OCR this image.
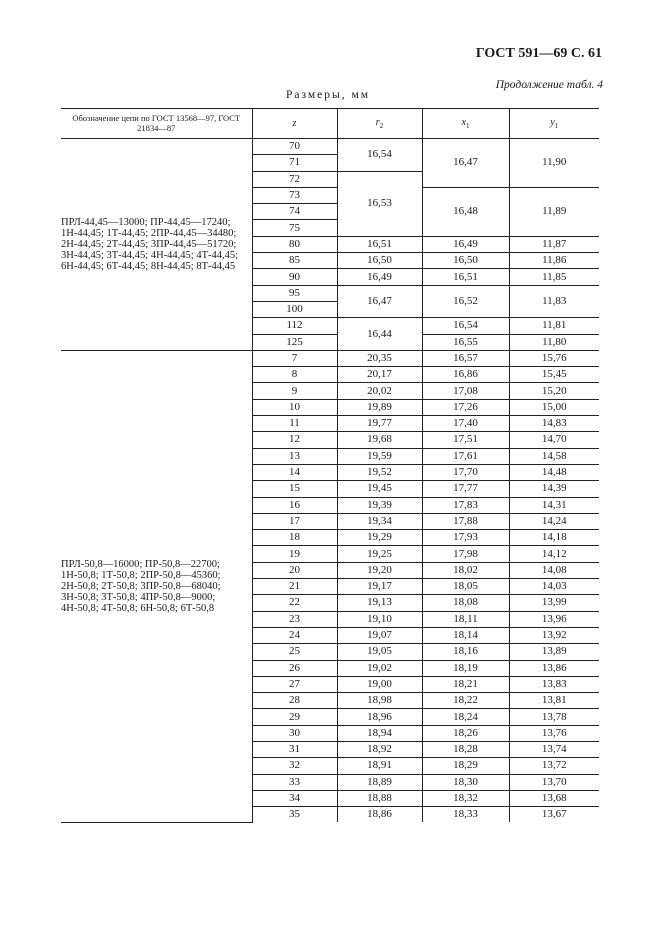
ГОСТ 591—69 С. 61
Продолжение табл. 4
Размеры, мм
Обозначение цепи по ГОСТ 13568—97, ГОСТ 21834—87	z	$r_2$	$x_1$	$y_1$
ПРЛ-44,45—13000; ПР-44,45—17240; 1Н-44,45; 1Т-44,45; 2ПР-44,45—34480; 2Н-44,45; 2Т-44,45; 3ПР-44,45—51720; 3Н-44,45; 3Т-44,45; 4Н-44,45; 4Т-44,45; 6Н-44,45; 6Т-44,45; 8Н-44,45; 8Т-44,45	70	16,54	16,47	11,90
	71			
	72	16,53		
	73		16,48	11,89
	74			
	75			
	80	16,51	16,49	11,87
	85	16,50	16,50	11,86
	90	16,49	16,51	11,85
	95	16,47	16,52	11,83
	100			
	112	16,44	16,54	11,81
	125		16,55	11,80
ПРЛ-50,8—16000; ПР-50,8—22700; 1Н-50,8; 1Т-50,8; 2ПР-50,8—45360; 2Н-50,8; 2Т-50,8; 3ПР-50,8—68040; 3Н-50,8; 3Т-50,8; 4ПР-50,8—9000; 4Н-50,8; 4Т-50,8; 6Н-50,8; 6Т-50,8	7	20,35	16,57	15,76
	8	20,17	16,86	15,45
	9	20,02	17,08	15,20
	10	19,89	17,26	15,00
	11	19,77	17,40	14,83
	12	19,68	17,51	14,70
	13	19,59	17,61	14,58
	14	19,52	17,70	14,48
	15	19,45	17,77	14,39
	16	19,39	17,83	14,31
	17	19,34	17,88	14,24
	18	19,29	17,93	14,18
	19	19,25	17,98	14,12
	20	19,20	18,02	14,08
	21	19,17	18,05	14,03
	22	19,13	18,08	13,99
	23	19,10	18,11	13,96
	24	19,07	18,14	13,92
	25	19,05	18,16	13,89
	26	19,02	18,19	13,86
	27	19,00	18,21	13,83
	28	18,98	18,22	13,81
	29	18,96	18,24	13,78
	30	18,94	18,26	13,76
	31	18,92	18,28	13,74
	32	18,91	18,29	13,72
	33	18,89	18,30	13,70
	34	18,88	18,32	13,68
	35	18,86	18,33	13,67
